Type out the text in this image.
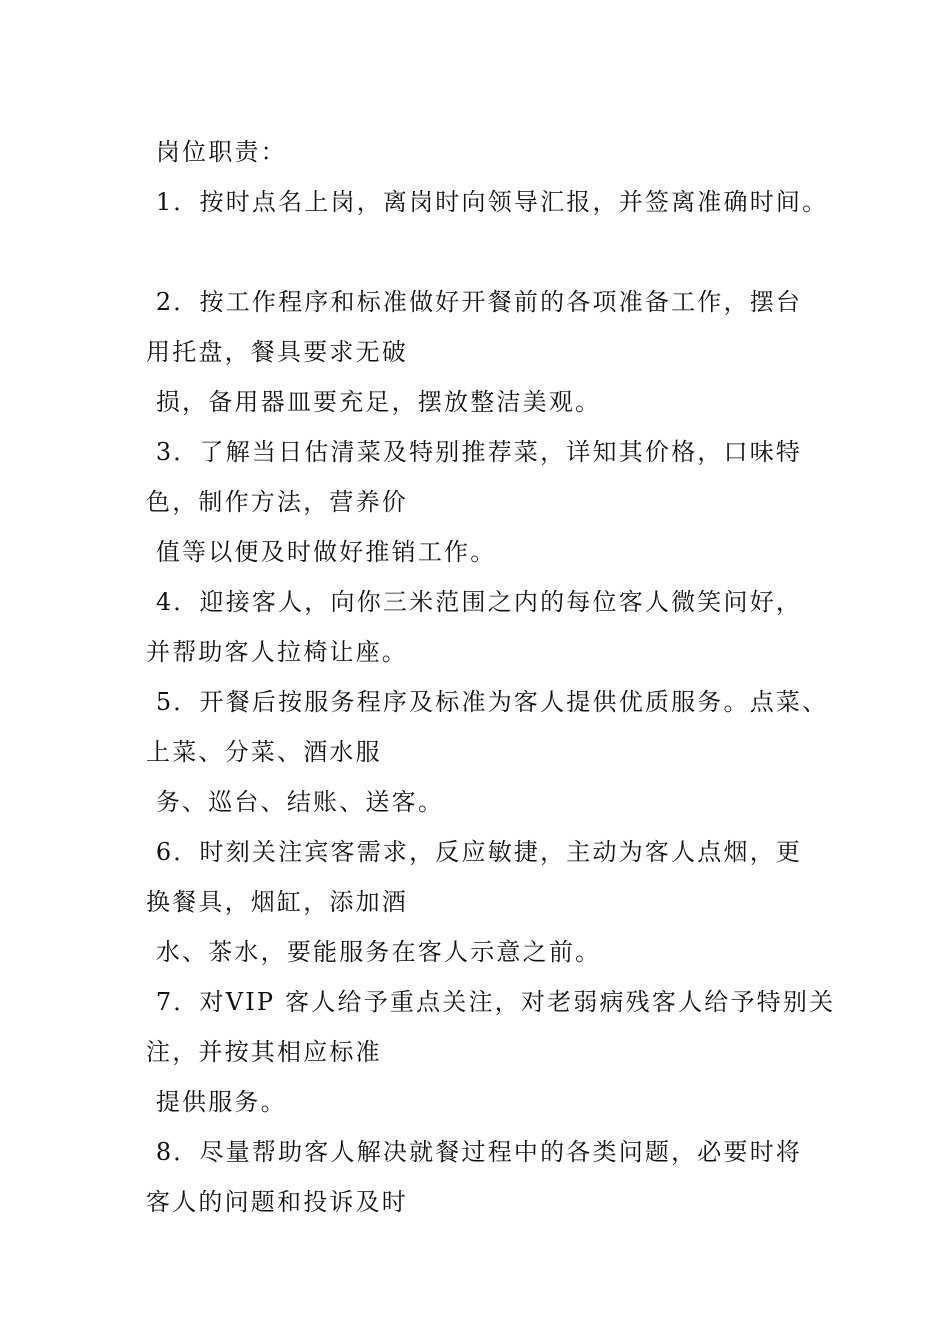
岗位职责：
1．按时点名上岗，离岗时向领导汇报，并签离准确时间。
2．按工作程序和标准做好开餐前的各项准备工作，摆台
用托盘，餐具要求无破
损，备用器皿要充足，摆放整洁美观。
3．了解当日估清菜及特别推荐菜，详知其价格，口味特
色，制作方法，营养价
值等以便及时做好推销工作。
4．迎接客人，向你三米范围之内的每位客人微笑问好，
并帮助客人拉椅让座。
5．开餐后按服务程序及标准为客人提供优质服务。点菜、
上菜、分菜、酒水服
务、巡台、结账、送客。
6．时刻关注宾客需求，反应敏捷，主动为客人点烟，更
换餐具，烟缸，添加酒
水、茶水，要能服务在客人示意之前。
7．对VIP 客人给予重点关注，对老弱病残客人给予特别关
注，并按其相应标准
提供服务。
8．尽量帮助客人解决就餐过程中的各类问题，必要时将
客人的问题和投诉及时
